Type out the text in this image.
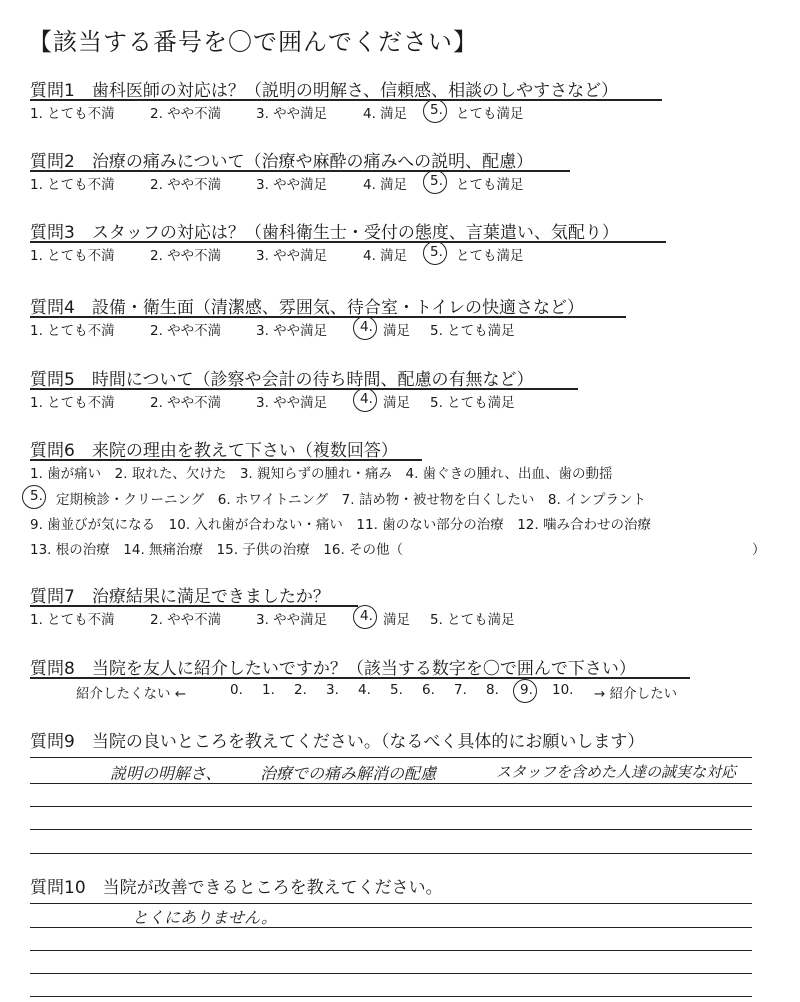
【該当する番号を〇で囲んでください】
質問1　歯科医師の対応は？（説明の明解さ、信頼感、相談のしやすさなど）
1. とても不満	2. やや不満	3. やや満足	4. 満足 5. とても満足
質問2　治療の痛みについて（治療や麻酔の痛みへの説明、配慮）
1. とても不満	2. やや不満	3. やや満足	4. 満足 5. とても満足
質問3　スタッフの対応は？（歯科衛生士・受付の態度、言葉遣い、気配り）
1. とても不満	2. やや不満	3. やや満足	4. 満足 5. とても満足
質問4　設備・衛生面（清潔感、雰囲気、待合室・トイレの快適さなど）
1. とても不満	2. やや不満	3. やや満足 4. 満足 5. とても満足
質問5　時間について（診察や会計の待ち時間、配慮の有無など）
1. とても不満	2. やや不満	3. やや満足 4. 満足 5. とても満足
質問6　来院の理由を教えて下さい（複数回答）
1. 歯が痛い　2. 取れた、欠けた　3. 親知らずの腫れ・痛み　4. 歯ぐきの腫れ、出血、歯の動揺
5. 定期検診・クリーニング　6. ホワイトニング　7. 詰め物・被せ物を白くしたい　8. インプラント
9. 歯並びが気になる　10. 入れ歯が合わない・痛い　11. 歯のない部分の治療　12. 噛み合わせの治療
13. 根の治療　14. 無痛治療　15. 子供の治療　16. その他（	）
質問7　治療結果に満足できましたか？
1. とても不満	2. やや不満	3. やや満足 4. 満足 5. とても満足
質問8　当院を友人に紹介したいですか？（該当する数字を〇で囲んで下さい）
紹介したくない ←	0. 1. 2. 3. 4. 5. 6. 7. 8. 9. 10. → 紹介したい
質問9　当院の良いところを教えてください。（なるべく具体的にお願いします）
説明の明解さ、 治療での痛み解消の配慮	スタッフを含めた人達の誠実な対応
質問10　当院が改善できるところを教えてください。
とくにありません。
